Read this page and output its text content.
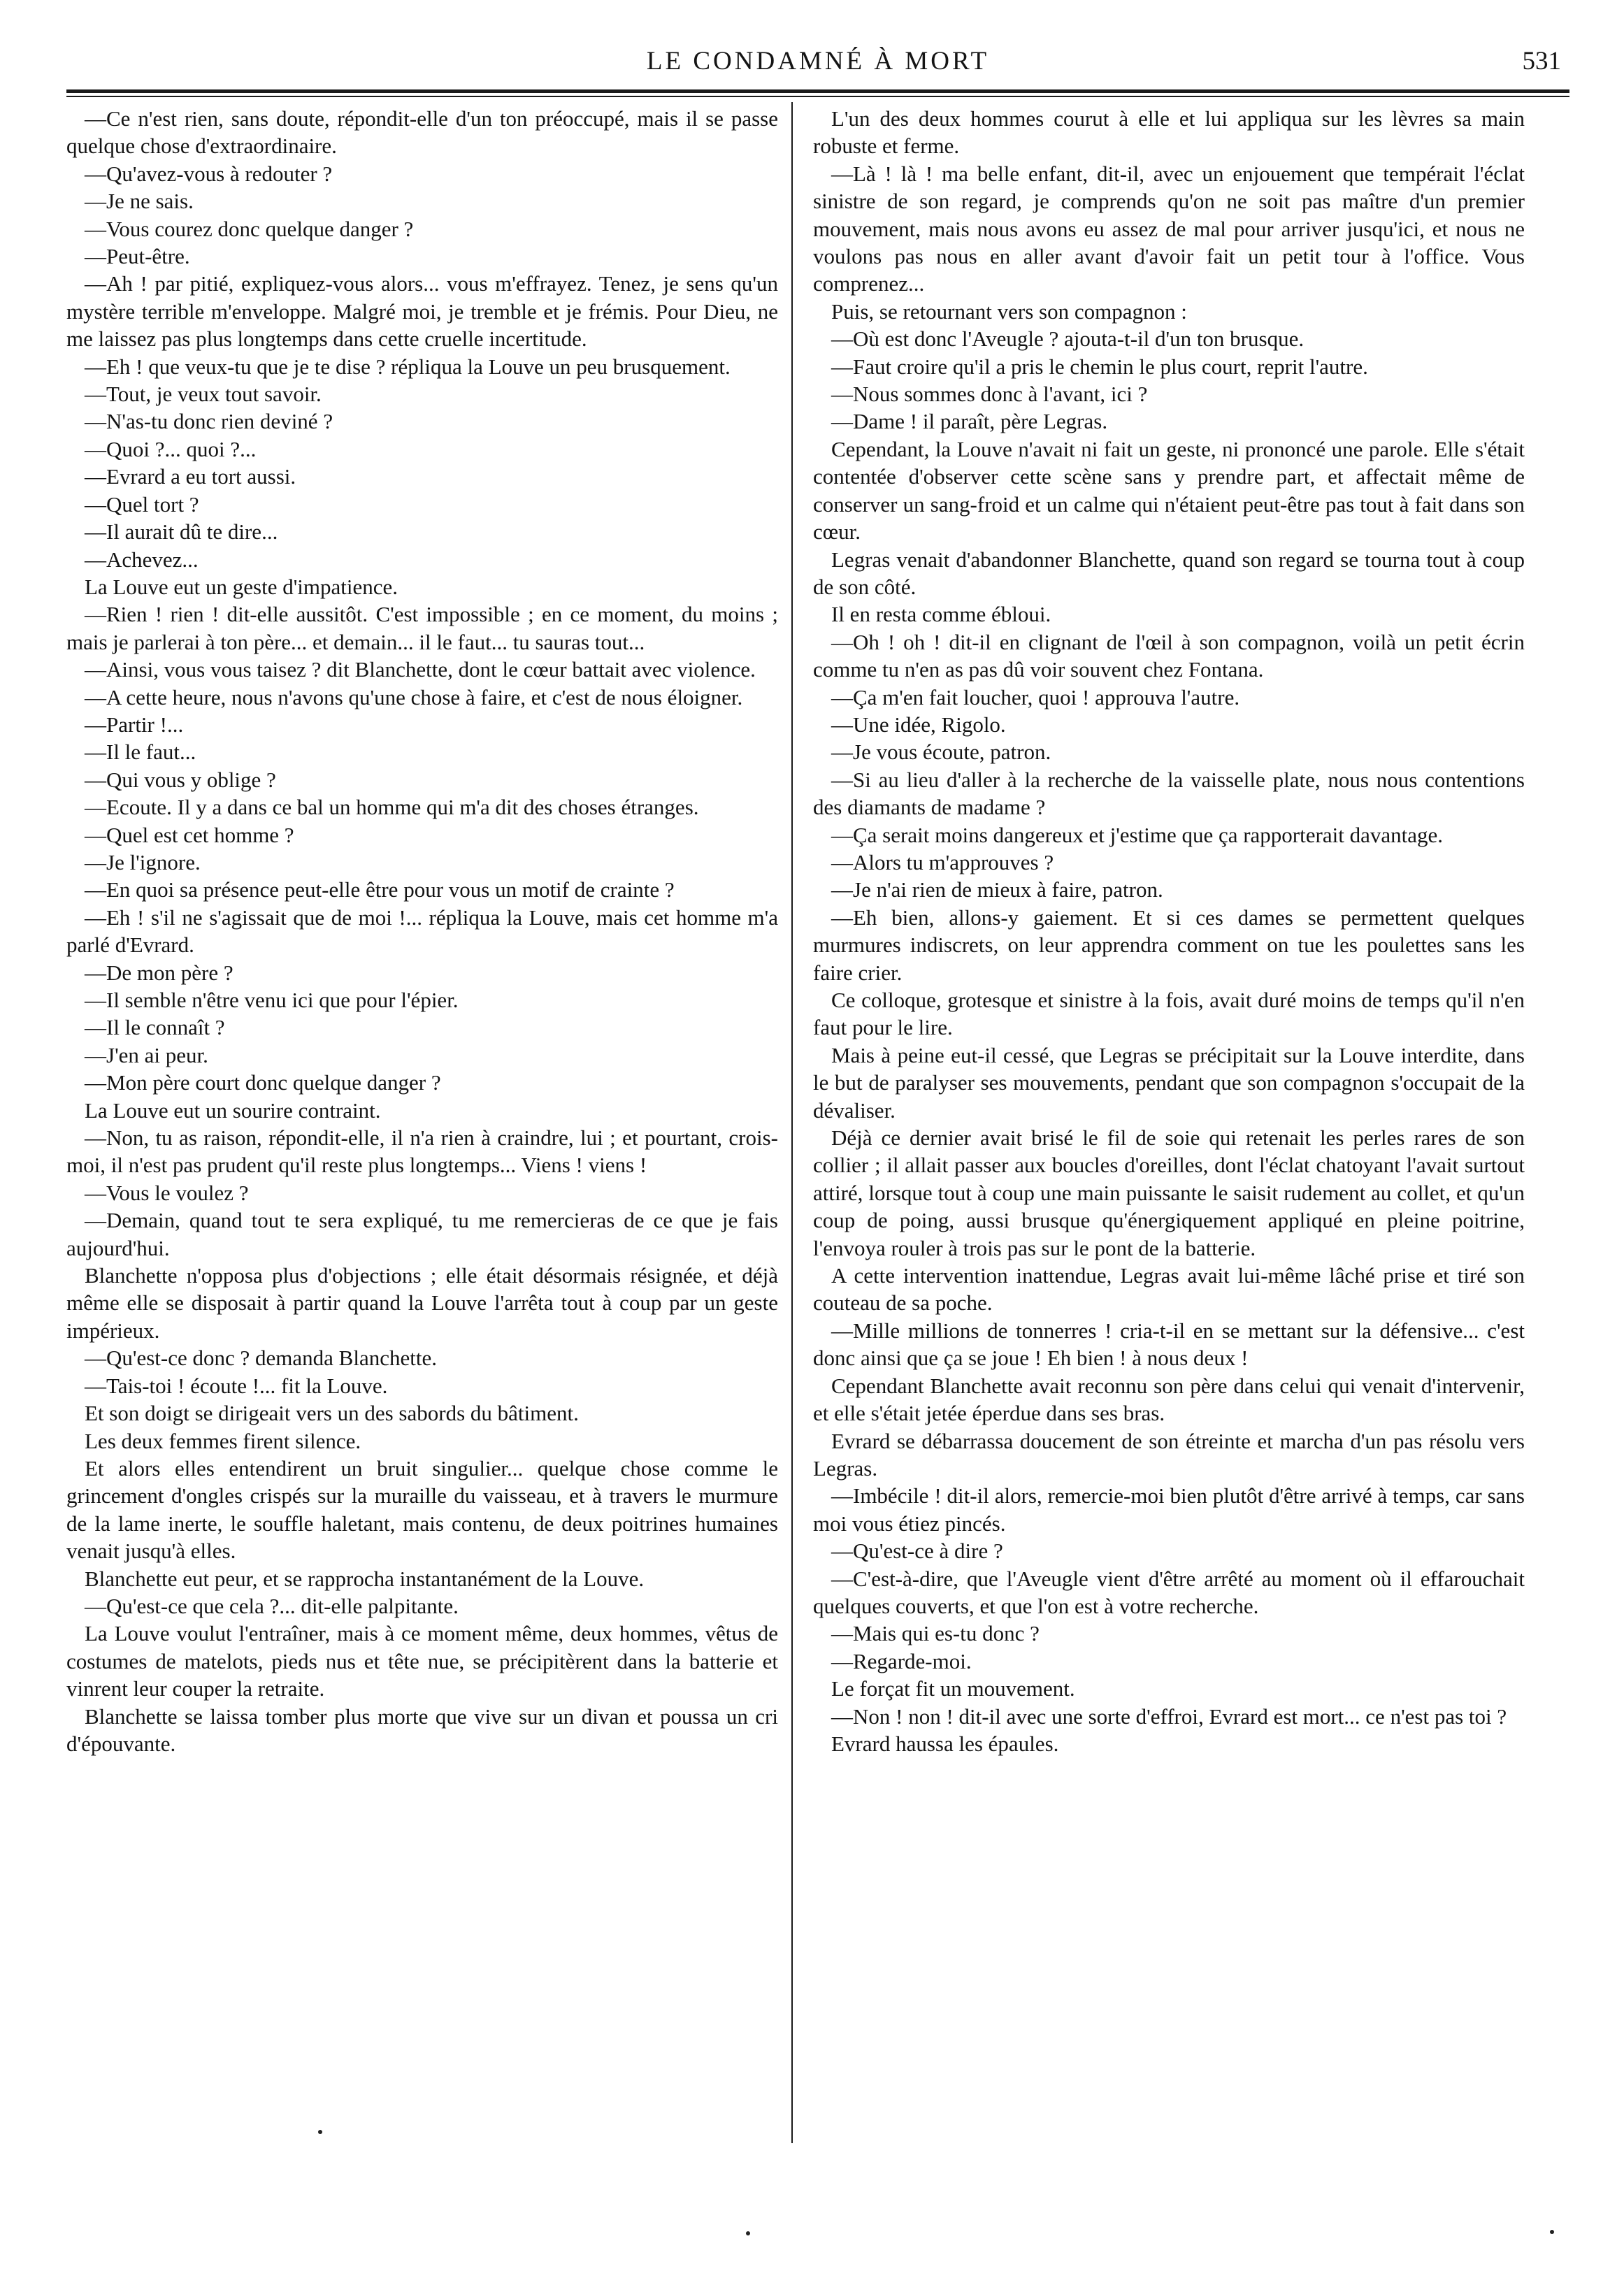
LE CONDAMNÉ À MORT	531

—Ce n'est rien, sans doute, répondit-elle d'un ton préoccupé, mais il se passe quelque chose d'extraordinaire.

—Qu'avez-vous à redouter ?

—Je ne sais.

—Vous courez donc quelque danger ?

—Peut-être.

—Ah ! par pitié, expliquez-vous alors... vous m'effrayez. Tenez, je sens qu'un mystère terrible m'enveloppe. Malgré moi, je tremble et je frémis. Pour Dieu, ne me laissez pas plus longtemps dans cette cruelle incertitude.

—Eh ! que veux-tu que je te dise ? répliqua la Louve un peu brusquement.

—Tout, je veux tout savoir.

—N'as-tu donc rien deviné ?

—Quoi ?... quoi ?...

—Evrard a eu tort aussi.

—Quel tort ?

—Il aurait dû te dire...

—Achevez...

La Louve eut un geste d'impatience.

—Rien ! rien ! dit-elle aussitôt. C'est impossible ; en ce moment, du moins ; mais je parlerai à ton père... et demain... il le faut... tu sauras tout...

—Ainsi, vous vous taisez ? dit Blanchette, dont le cœur battait avec violence.

—A cette heure, nous n'avons qu'une chose à faire, et c'est de nous éloigner.

—Partir !...

—Il le faut...

—Qui vous y oblige ?

—Ecoute. Il y a dans ce bal un homme qui m'a dit des choses étranges.

—Quel est cet homme ?

—Je l'ignore.

—En quoi sa présence peut-elle être pour vous un motif de crainte ?

—Eh ! s'il ne s'agissait que de moi !... répliqua la Louve, mais cet homme m'a parlé d'Evrard.

—De mon père ?

—Il semble n'être venu ici que pour l'épier.

—Il le connaît ?

—J'en ai peur.

—Mon père court donc quelque danger ?

La Louve eut un sourire contraint.

—Non, tu as raison, répondit-elle, il n'a rien à craindre, lui ; et pourtant, crois-moi, il n'est pas prudent qu'il reste plus longtemps... Viens ! viens !

—Vous le voulez ?

—Demain, quand tout te sera expliqué, tu me remercieras de ce que je fais aujourd'hui.

Blanchette n'opposa plus d'objections ; elle était désormais résignée, et déjà même elle se disposait à partir quand la Louve l'arrêta tout à coup par un geste impérieux.

—Qu'est-ce donc ? demanda Blanchette.

—Tais-toi ! écoute !... fit la Louve.

Et son doigt se dirigeait vers un des sabords du bâtiment.

Les deux femmes firent silence.

Et alors elles entendirent un bruit singulier... quelque chose comme le grincement d'ongles crispés sur la muraille du vaisseau, et à travers le murmure de la lame inerte, le souffle haletant, mais contenu, de deux poitrines humaines venait jusqu'à elles.

Blanchette eut peur, et se rapprocha instantanément de la Louve.

—Qu'est-ce que cela ?... dit-elle palpitante.

La Louve voulut l'entraîner, mais à ce moment même, deux hommes, vêtus de costumes de matelots, pieds nus et tête nue, se précipitèrent dans la batterie et vinrent leur couper la retraite.

Blanchette se laissa tomber plus morte que vive sur un divan et poussa un cri d'épouvante.

L'un des deux hommes courut à elle et lui appliqua sur les lèvres sa main robuste et ferme.

—Là ! là ! ma belle enfant, dit-il, avec un enjouement que tempérait l'éclat sinistre de son regard, je comprends qu'on ne soit pas maître d'un premier mouvement, mais nous avons eu assez de mal pour arriver jusqu'ici, et nous ne voulons pas nous en aller avant d'avoir fait un petit tour à l'office. Vous comprenez...

Puis, se retournant vers son compagnon :

—Où est donc l'Aveugle ? ajouta-t-il d'un ton brusque.

—Faut croire qu'il a pris le chemin le plus court, reprit l'autre.

—Nous sommes donc à l'avant, ici ?

—Dame ! il paraît, père Legras.

Cependant, la Louve n'avait ni fait un geste, ni prononcé une parole. Elle s'était contentée d'observer cette scène sans y prendre part, et affectait même de conserver un sang-froid et un calme qui n'étaient peut-être pas tout à fait dans son cœur.

Legras venait d'abandonner Blanchette, quand son regard se tourna tout à coup de son côté.

Il en resta comme ébloui.

—Oh ! oh ! dit-il en clignant de l'œil à son compagnon, voilà un petit écrin comme tu n'en as pas dû voir souvent chez Fontana.

—Ça m'en fait loucher, quoi ! approuva l'autre.

—Une idée, Rigolo.

—Je vous écoute, patron.

—Si au lieu d'aller à la recherche de la vaisselle plate, nous nous contentions des diamants de madame ?

—Ça serait moins dangereux et j'estime que ça rapporterait davantage.

—Alors tu m'approuves ?

—Je n'ai rien de mieux à faire, patron.

—Eh bien, allons-y gaiement. Et si ces dames se permettent quelques murmures indiscrets, on leur apprendra comment on tue les poulettes sans les faire crier.

Ce colloque, grotesque et sinistre à la fois, avait duré moins de temps qu'il n'en faut pour le lire.

Mais à peine eut-il cessé, que Legras se précipitait sur la Louve interdite, dans le but de paralyser ses mouvements, pendant que son compagnon s'occupait de la dévaliser.

Déjà ce dernier avait brisé le fil de soie qui retenait les perles rares de son collier ; il allait passer aux boucles d'oreilles, dont l'éclat chatoyant l'avait surtout attiré, lorsque tout à coup une main puissante le saisit rudement au collet, et qu'un coup de poing, aussi brusque qu'énergiquement appliqué en pleine poitrine, l'envoya rouler à trois pas sur le pont de la batterie.

A cette intervention inattendue, Legras avait lui-même lâché prise et tiré son couteau de sa poche.

—Mille millions de tonnerres ! cria-t-il en se mettant sur la défensive... c'est donc ainsi que ça se joue ! Eh bien ! à nous deux !

Cependant Blanchette avait reconnu son père dans celui qui venait d'intervenir, et elle s'était jetée éperdue dans ses bras.

Evrard se débarrassa doucement de son étreinte et marcha d'un pas résolu vers Legras.

—Imbécile ! dit-il alors, remercie-moi bien plutôt d'être arrivé à temps, car sans moi vous étiez pincés.

—Qu'est-ce à dire ?

—C'est-à-dire, que l'Aveugle vient d'être arrêté au moment où il effarouchait quelques couverts, et que l'on est à votre recherche.

—Mais qui es-tu donc ?

—Regarde-moi.

Le forçat fit un mouvement.

—Non ! non ! dit-il avec une sorte d'effroi, Evrard est mort... ce n'est pas toi ?

Evrard haussa les épaules.
